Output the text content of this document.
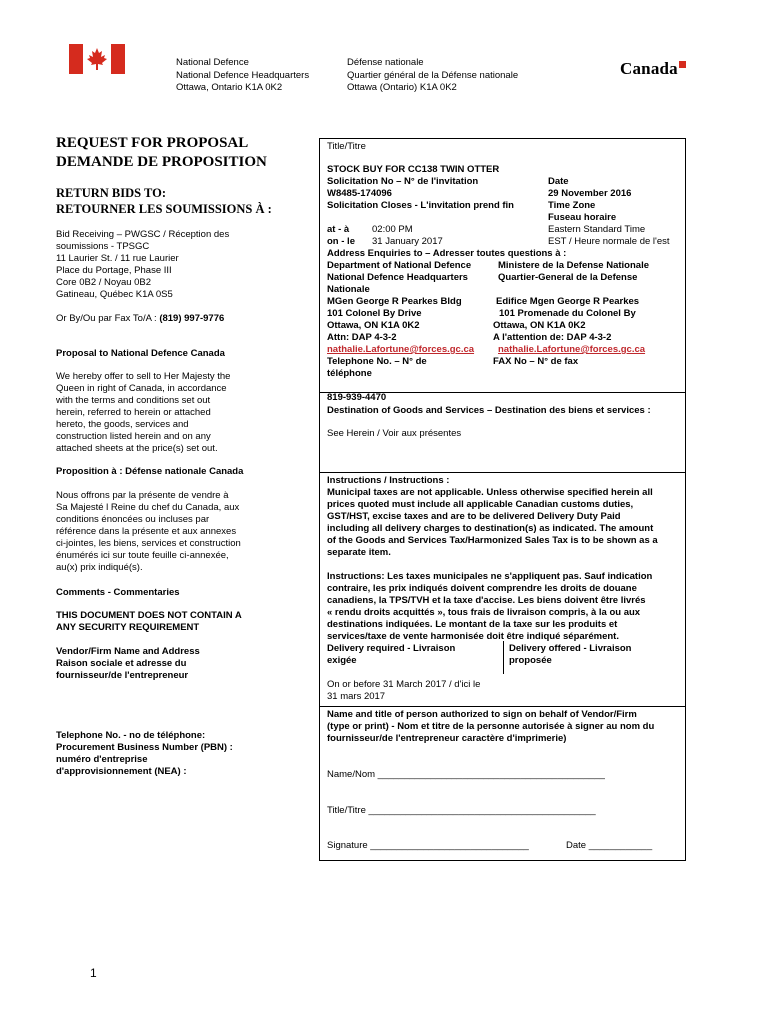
National Defence
National Defence Headquarters
Ottawa, Ontario K1A 0K2
Défense nationale
Quartier général de la Défense nationale
Ottawa (Ontario) K1A 0K2
Canada
REQUEST FOR PROPOSAL
DEMANDE DE PROPOSITION
RETURN BIDS TO:
RETOURNER LES SOUMISSIONS À :
Bid Receiving – PWGSC / Réception des
soumissions - TPSGC
11 Laurier St. / 11 rue Laurier
Place du Portage, Phase III
Core 0B2 / Noyau 0B2
Gatineau, Québec K1A 0S5
Or By/Ou par Fax To/A : (819) 997-9776
Proposal to National Defence Canada
We hereby offer to sell to Her Majesty the
Queen in right of Canada, in accordance
with the terms and conditions set out
herein, referred to herein or attached
hereto, the goods, services and
construction listed herein and on any
attached sheets at the price(s) set out.
Proposition à : Défense nationale Canada
Nous offrons par la présente de vendre à
Sa Majesté l Reine du chef du Canada, aux
conditions énoncées ou incluses par
référence dans la présente et aux annexes
ci-jointes, les biens, services et construction
énumérés ici sur toute feuille ci-annexée,
au(x) prix indiqué(s).
Comments - Commentaries
THIS DOCUMENT DOES NOT CONTAIN A
ANY SECURITY REQUIREMENT
Vendor/Firm Name and Address
Raison sociale et adresse du
fournisseur/de l'entrepreneur
Telephone No. - no de téléphone:
Procurement Business Number (PBN) :
numéro d'entreprise
d'approvisionnement (NEA) :
1
Title/Titre
STOCK BUY FOR CC138 TWIN OTTER
Solicitation No – N° de l'invitation
W8485-174096
Solicitation Closes - L'invitation prend fin
Date
29 November 2016
Time Zone
Fuseau horaire
Eastern Standard Time
EST / Heure normale de l'est
at - à 02:00 PM
on - le 31 January 2017
Address Enquiries to – Adresser toutes questions à :
Department of National Defence
National Defence Headquarters
Nationale
MGen George R Pearkes Bldg
101 Colonel By Drive
Ottawa, ON K1A 0K2
Attn: DAP 4-3-2
nathalie.Lafortune@forces.gc.ca
Telephone No. – N° de
téléphone
Ministere de la Defense Nationale
Quartier-General de la Defense
Edifice Mgen George R Pearkes
101 Promenade du Colonel By
Ottawa, ON K1A 0K2
A l'attention de: DAP 4-3-2
nathalie.Lafortune@forces.gc.ca
FAX No – N° de fax
819-939-4470
Destination of Goods and Services – Destination des biens et services :
See Herein / Voir aux présentes
Instructions / Instructions :
Municipal taxes are not applicable. Unless otherwise specified herein all
prices quoted must include all applicable Canadian customs duties,
GST/HST, excise taxes and are to be delivered Delivery Duty Paid
including all delivery charges to destination(s) as indicated. The amount
of the Goods and Services Tax/Harmonized Sales Tax is to be shown as a
separate item.
Instructions: Les taxes municipales ne s'appliquent pas. Sauf indication
contraire, les prix indiqués doivent comprendre les droits de douane
canadiens, la TPS/TVH et la taxe d'accise. Les biens doivent être livrés
« rendu droits acquittés », tous frais de livraison compris, à la ou aux
destinations indiquées. Le montant de la taxe sur les produits et
services/taxe de vente harmonisée doit être indiqué séparément.
Delivery required - Livraison
exigée
Delivery offered - Livraison
proposée
On or before 31 March 2017 / d'ici le
31 mars 2017
Name and title of person authorized to sign on behalf of Vendor/Firm
(type or print) - Nom et titre de la personne autorisée à signer au nom du
fournisseur/de l'entrepreneur caractère d'imprimerie)
Name/Nom ___________________________________________
Title/Titre ___________________________________________
Signature ______________________________	Date ____________
